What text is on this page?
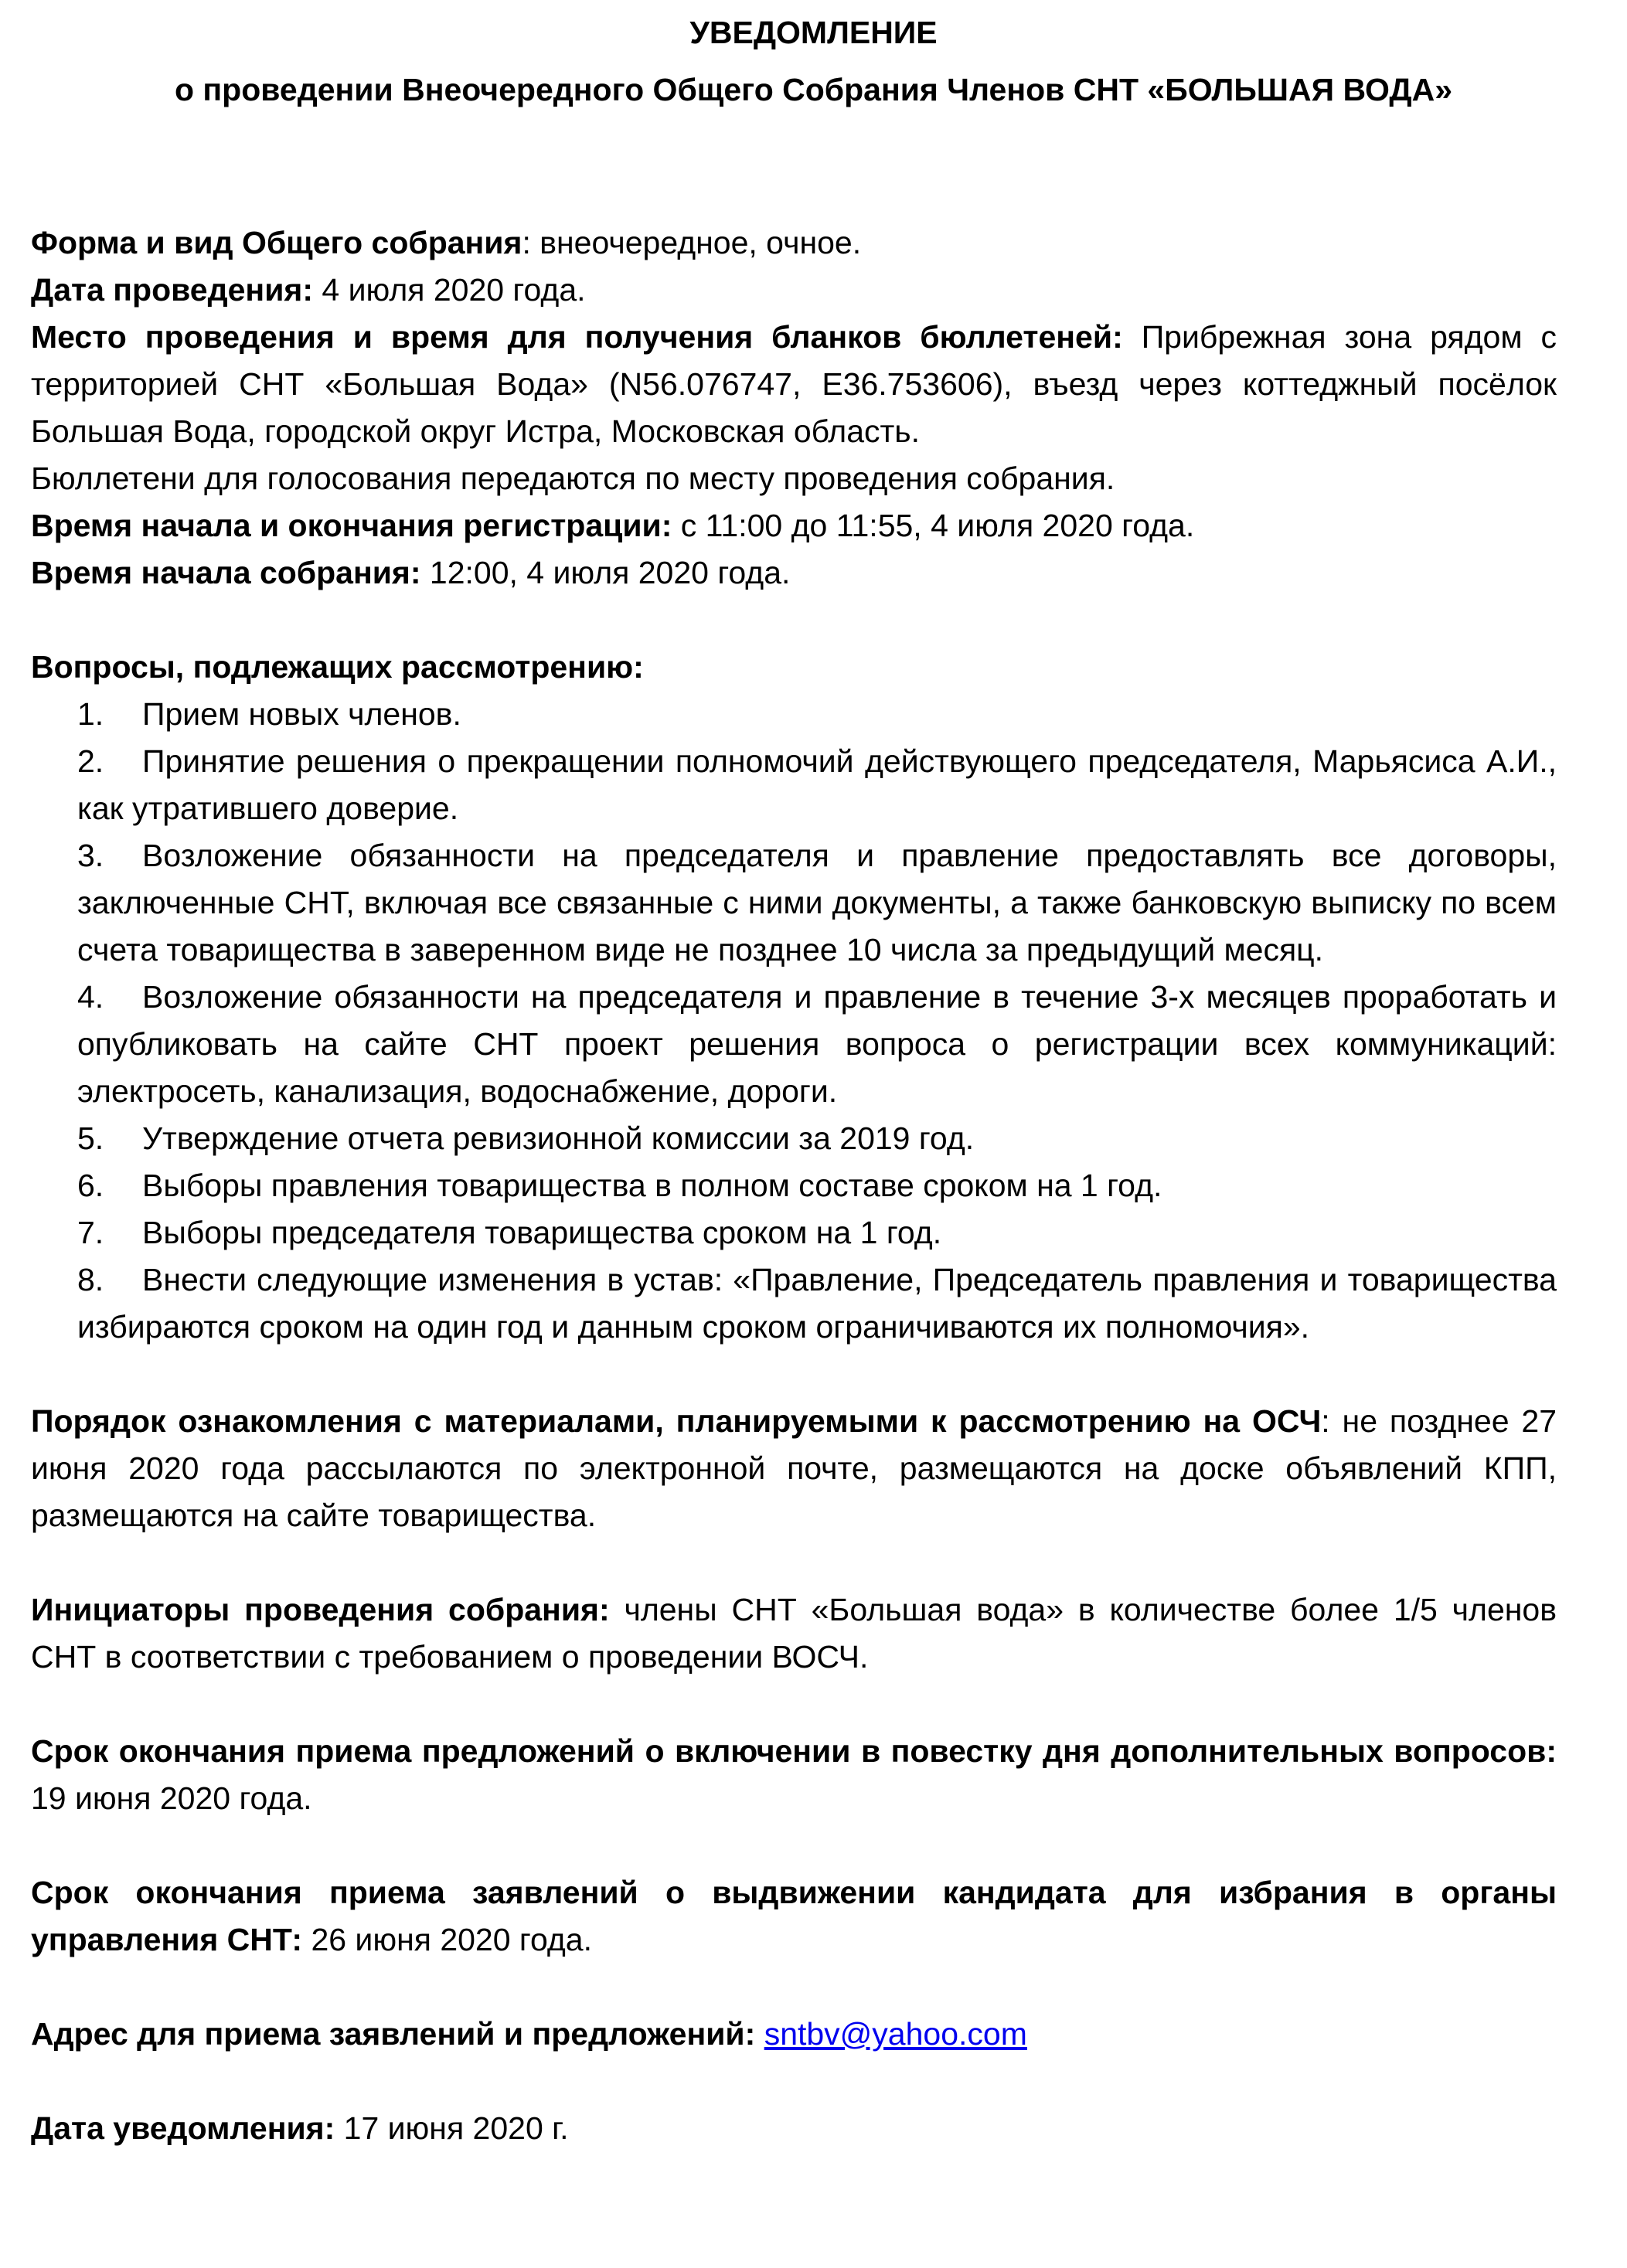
УВЕДОМЛЕНИЕ
о проведении Внеочередного Общего Собрания Членов СНТ «БОЛЬШАЯ ВОДА»

Форма и вид Общего собрания: внеочередное, очное.

Дата проведения: 4 июля 2020 года.

Место проведения и время для получения бланков бюллетеней: Прибрежная зона рядом с территорией СНТ «Большая Вода» (N56.076747, E36.753606), въезд через коттеджный посёлок Большая Вода, городской округ Истра, Московская область.

Бюллетени для голосования передаются по месту проведения собрания.

Время начала и окончания регистрации: с 11:00 до 11:55, 4 июля 2020 года.

Время начала собрания: 12:00, 4 июля 2020 года.

Вопросы, подлежащих рассмотрению:

1. Прием новых членов.
2. Принятие решения о прекращении полномочий действующего председателя, Марьясиса А.И., как утратившего доверие.
3. Возложение обязанности на председателя и правление предоставлять все договоры, заключенные СНТ, включая все связанные с ними документы, а также банковскую выписку по всем счета товарищества в заверенном виде не позднее 10 числа за предыдущий месяц.
4. Возложение обязанности на председателя и правление в течение 3-х месяцев проработать и опубликовать на сайте СНТ проект решения вопроса о регистрации всех коммуникаций: электросеть, канализация, водоснабжение, дороги.
5. Утверждение отчета ревизионной комиссии за 2019 год.
6. Выборы правления товарищества в полном составе сроком на 1 год.
7. Выборы председателя товарищества сроком на 1 год.
8. Внести следующие изменения в устав: «Правление, Председатель правления и товарищества избираются сроком на один год и данным сроком ограничиваются их полномочия».

Порядок ознакомления с материалами, планируемыми к рассмотрению на ОСЧ: не позднее 27 июня 2020 года рассылаются по электронной почте, размещаются на доске объявлений КПП, размещаются на сайте товарищества.

Инициаторы проведения собрания: члены СНТ «Большая вода» в количестве более 1/5 членов СНТ в соответствии с требованием о проведении ВОСЧ.

Срок окончания приема предложений о включении в повестку дня дополнительных вопросов: 19 июня 2020 года.

Срок окончания приема заявлений о выдвижении кандидата для избрания в органы управления СНТ: 26 июня 2020 года.

Адрес для приема заявлений и предложений: sntbv@yahoo.com

Дата уведомления: 17 июня 2020 г.
